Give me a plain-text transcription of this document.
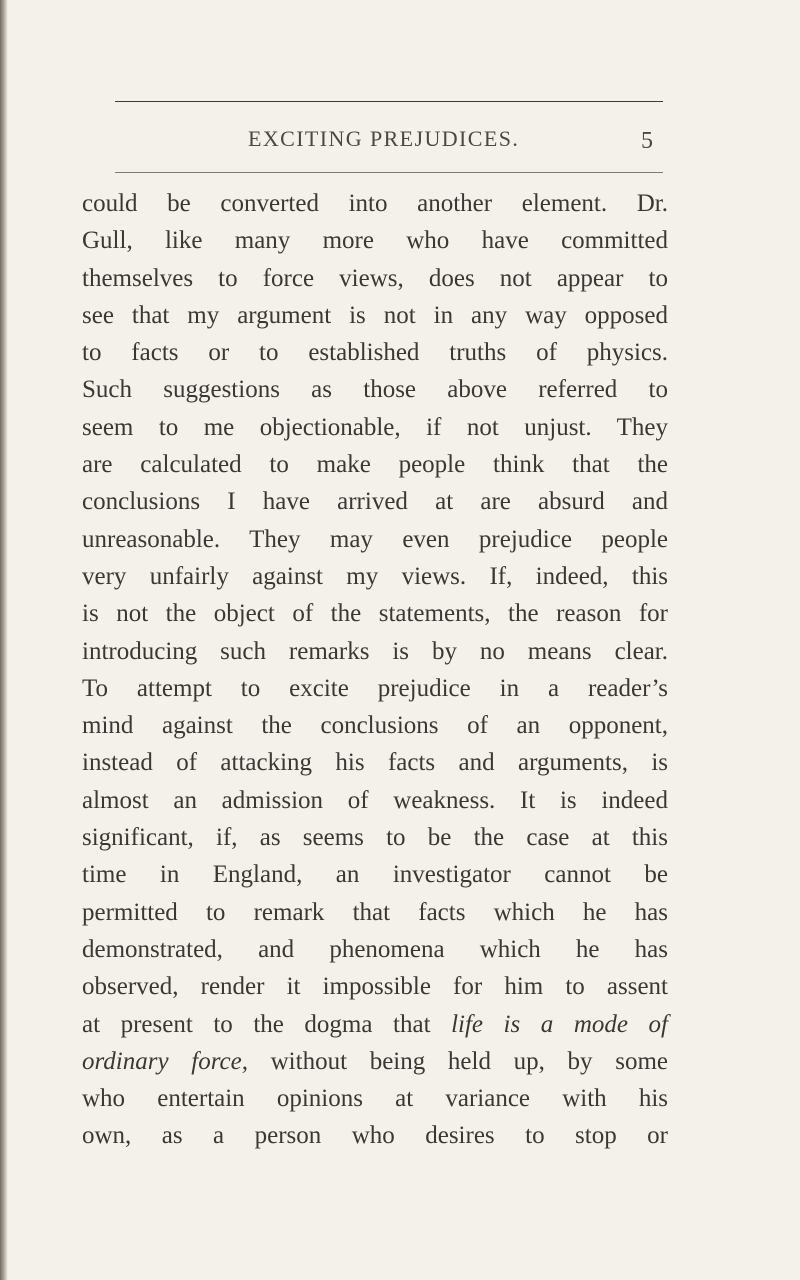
EXCITING PREJUDICES.	5
could be converted into another element. Dr.
Gull, like many more who have committed
themselves to force views, does not appear to
see that my argument is not in any way opposed
to facts or to established truths of physics.
Such suggestions as those above referred to
seem to me objectionable, if not unjust. They
are calculated to make people think that the
conclusions I have arrived at are absurd and
unreasonable. They may even prejudice people
very unfairly against my views. If, indeed, this
is not the object of the statements, the reason for
introducing such remarks is by no means clear.
To attempt to excite prejudice in a reader’s
mind against the conclusions of an opponent,
instead of attacking his facts and arguments, is
almost an admission of weakness. It is indeed
significant, if, as seems to be the case at this
time in England, an investigator cannot be
permitted to remark that facts which he has
demonstrated, and phenomena which he has
observed, render it impossible for him to assent
at present to the dogma that life is a mode of
ordinary force, without being held up, by some
who entertain opinions at variance with his
own, as a person who desires to stop or
